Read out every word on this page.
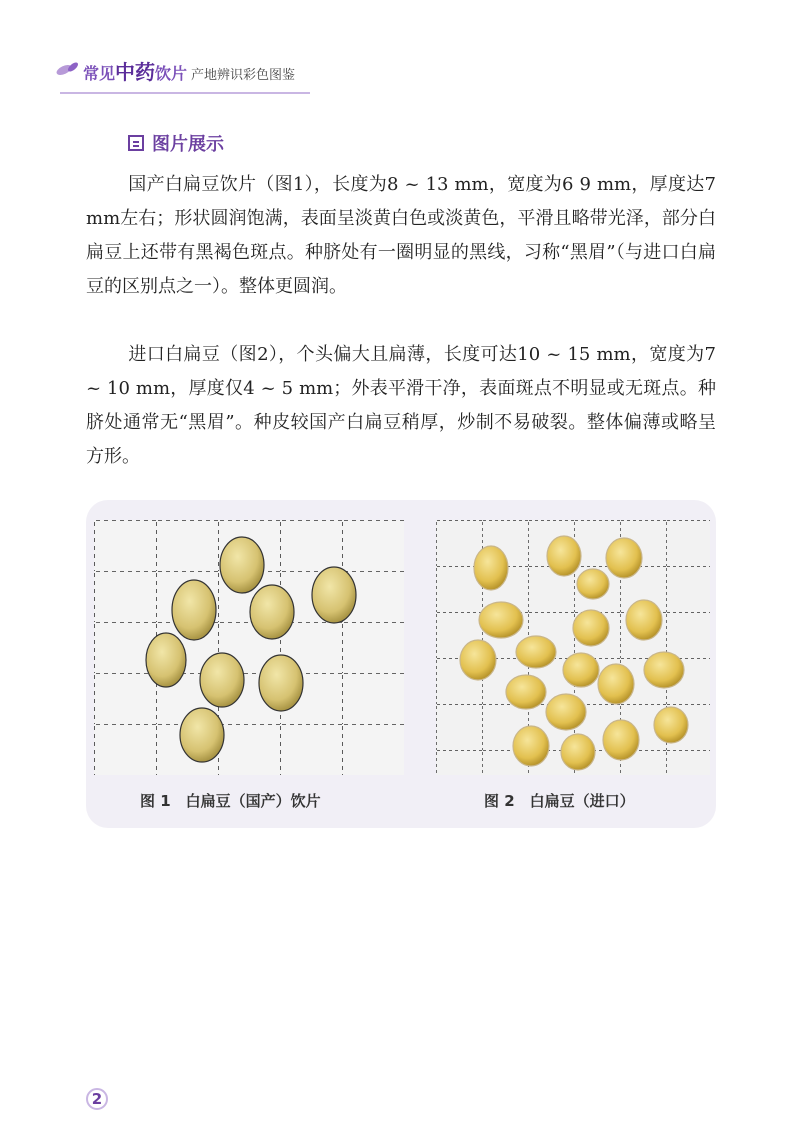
常见中药饮片 产地辨识彩色图鉴
图片展示
国产白扁豆饮片（图1），长度为8 ~ 13 mm，宽度为6 9 mm，厚度达7 mm左右；形状圆润饱满，表面呈淡黄白色或淡黄色，平滑且略带光泽，部分白扁豆上还带有黑褐色斑点。种脐处有一圈明显的黑线，习称“黑眉”（与进口白扁豆的区别点之一）。整体更圆润。
进口白扁豆（图2），个头偏大且扁薄，长度可达10 ~ 15 mm，宽度为7 ~ 10 mm，厚度仅4 ~ 5 mm；外表平滑干净，表面斑点不明显或无斑点。种脐处通常无“黑眉”。种皮较国产白扁豆稍厚，炒制不易破裂。整体偏薄或略呈方形。
图 1　白扁豆（国产）饮片	图 2　白扁豆（进口）
2
